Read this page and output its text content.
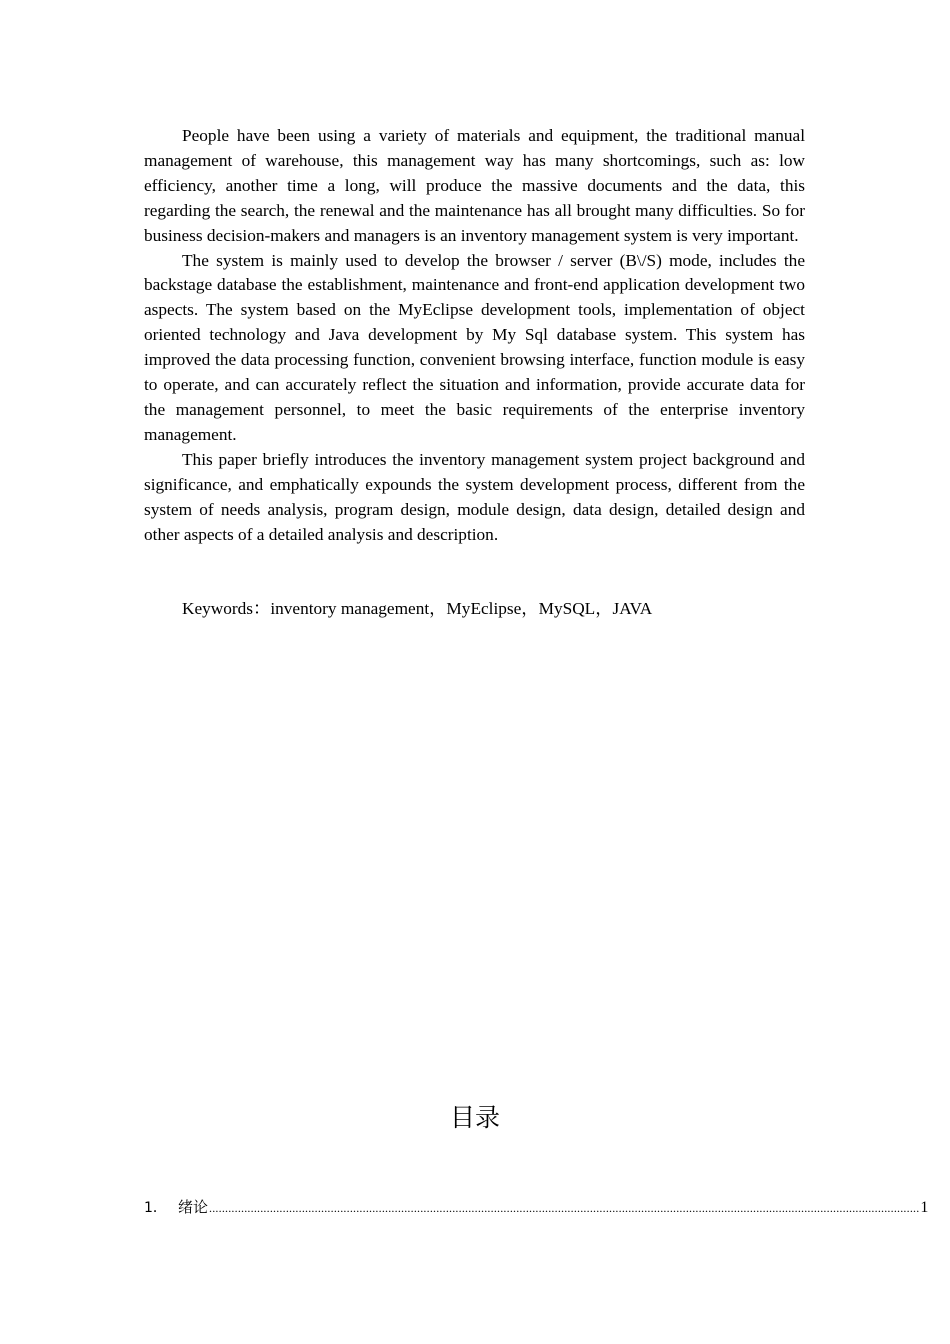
People have been using a variety of materials and equipment, the traditional manual management of warehouse, this management way has many shortcomings, such as: low efficiency, another time a long, will produce the massive documents and the data, this regarding the search, the renewal and the maintenance has all brought many difficulties. So for business decision-makers and managers is an inventory management system is very important.

The system is mainly used to develop the browser / server (B\/S) mode, includes the backstage database the establishment, maintenance and front-end application development two aspects. The system based on the MyEclipse development tools, implementation of object oriented technology and Java development by My Sql database system. This system has improved the data processing function, convenient browsing interface, function module is easy to operate, and can accurately reflect the situation and information, provide accurate data for the management personnel, to meet the basic requirements of the enterprise inventory management.

This paper briefly introduces the inventory management system project background and significance, and emphatically expounds the system development process, different from the system of needs analysis, program design, module design, data design, detailed design and other aspects of a detailed analysis and description.

Keywords：inventory management，MyEclipse，MySQL，JAVA
目录
1． 绪论 .............................................................................................................................................................................................................................. 1
